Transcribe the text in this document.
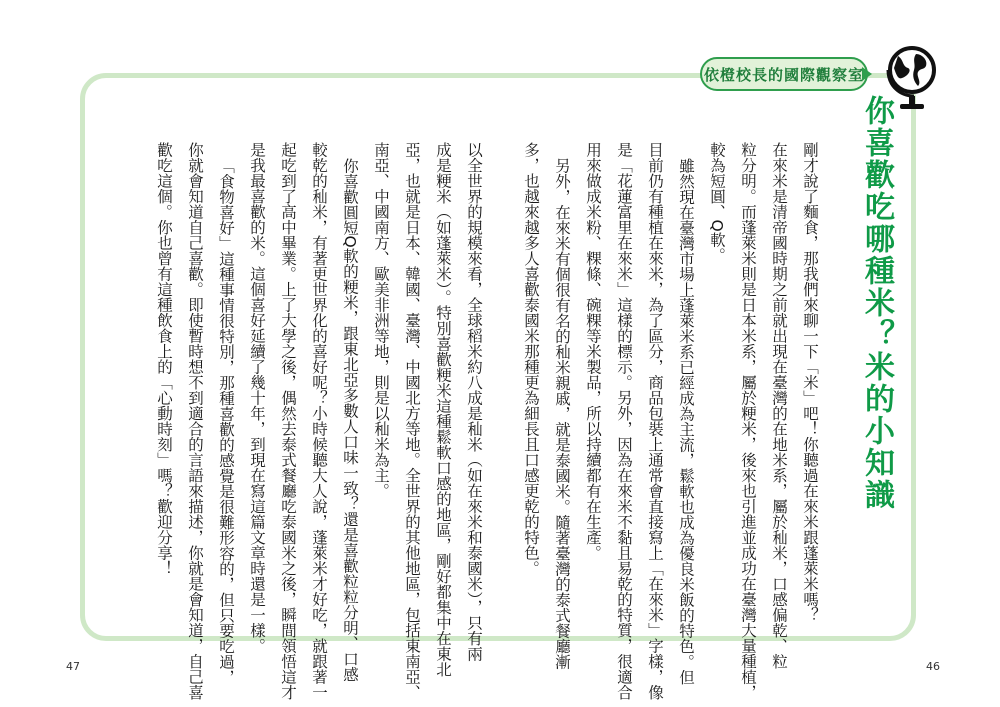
依橙校長的國際觀察室
你喜歡吃哪種米？米的小知識
剛才說了麵食，那我們來聊一下「米」吧！你聽過在來米跟蓬萊米嗎？
在來米是清帝國時期之前就出現在臺灣的在地米系，屬於秈米，口感偏乾、粒
粒分明。而蓬萊米則是日本米系，屬於粳米，後來也引進並成功在臺灣大量種植，
較為短圓、Q軟。
雖然現在臺灣市場上蓬萊米系已經成為主流，鬆軟也成為優良米飯的特色。但
目前仍有種植在來米，為了區分，商品包裝上通常會直接寫上「在來米」字樣，像
是「花蓮富里在來米」這樣的標示。另外，因為在來米不黏且易乾的特質，很適合
用來做成米粉、粿條、碗粿等米製品，所以持續都有在生產。
另外，在來米有個很有名的秈米親戚，就是泰國米。隨著臺灣的泰式餐廳漸
多，也越來越多人喜歡泰國米那種更為細長且口感更乾的特色。
以全世界的規模來看，全球稻米約八成是秈米（如在來米和泰國米），只有兩
成是粳米（如蓬萊米）。特別喜歡粳米這種鬆軟口感的地區，剛好都集中在東北
亞，也就是日本、韓國、臺灣、中國北方等地。全世界的其他地區，包括東南亞、
南亞、中國南方、歐美非洲等地，則是以秈米為主。
你喜歡圓短Q軟的粳米，跟東北亞多數人口味一致？還是喜歡粒粒分明、口感
較乾的秈米，有著更世界化的喜好呢？小時候聽大人說，蓬萊米才好吃，就跟著一
起吃到了高中畢業。上了大學之後，偶然去泰式餐廳吃泰國米之後，瞬間領悟這才
是我最喜歡的米。這個喜好延續了幾十年，到現在寫這篇文章時還是一樣。
「食物喜好」這種事情很特別，那種喜歡的感覺是很難形容的，但只要吃過，
你就會知道自己喜歡。即使暫時想不到適合的言語來描述，你就是會知道，自己喜
歡吃這個。你也曾有這種飲食上的「心動時刻」嗎？歡迎分享！
47	46
